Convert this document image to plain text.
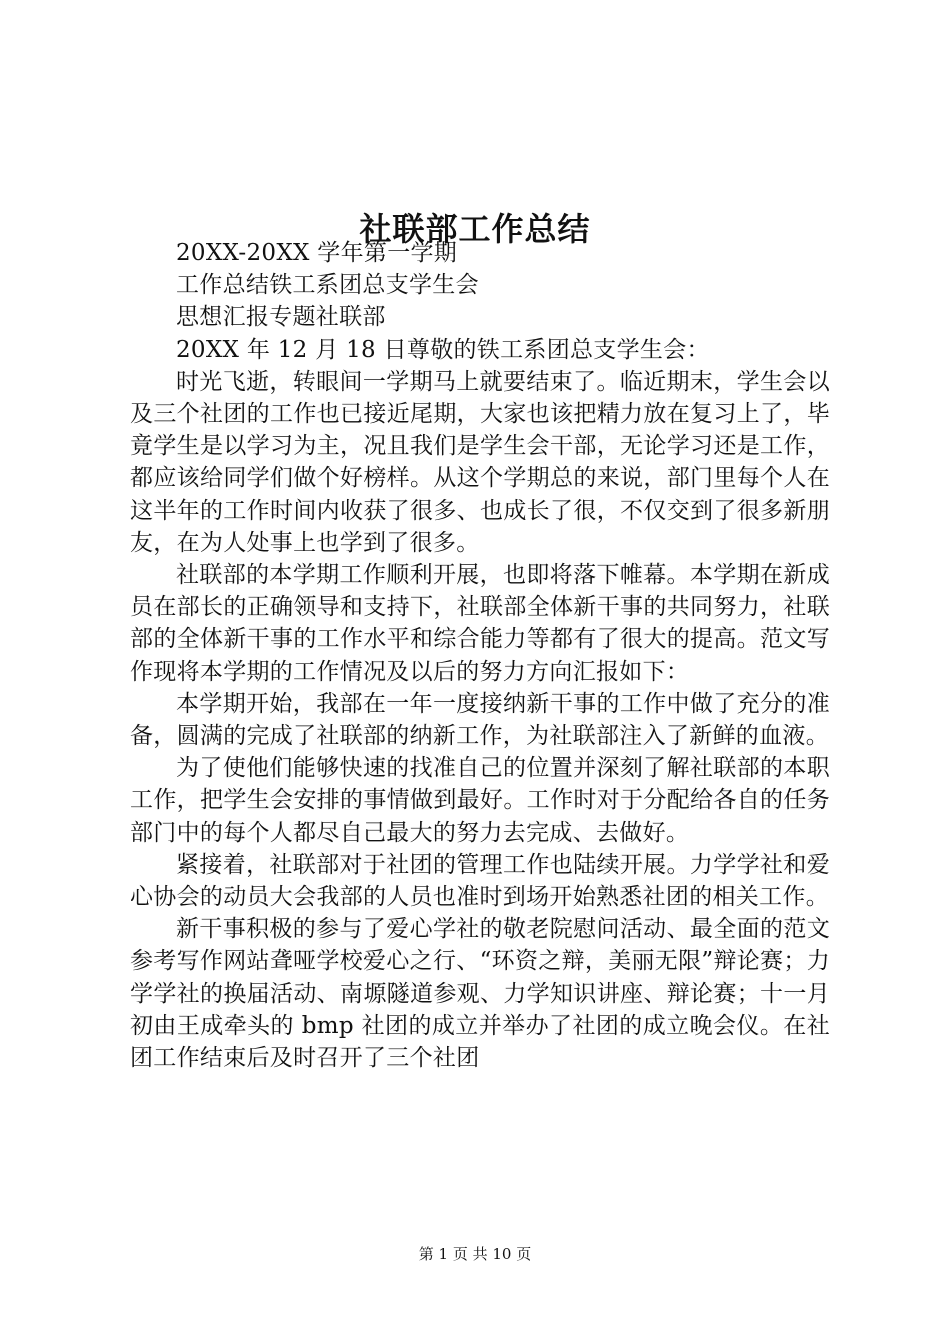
社联部工作总结

20XX-20XX 学年第一学期

工作总结铁工系团总支学生会

思想汇报专题社联部

20XX 年 12 月 18 日尊敬的铁工系团总支学生会：

时光飞逝，转眼间一学期马上就要结束了。临近期末，学生会以及三个社团的工作也已接近尾期，大家也该把精力放在复习上了，毕竟学生是以学习为主，况且我们是学生会干部，无论学习还是工作，都应该给同学们做个好榜样。从这个学期总的来说，部门里每个人在这半年的工作时间内收获了很多、也成长了很，不仅交到了很多新朋友，在为人处事上也学到了很多。

社联部的本学期工作顺利开展，也即将落下帷幕。本学期在新成员在部长的正确领导和支持下，社联部全体新干事的共同努力，社联部的全体新干事的工作水平和综合能力等都有了很大的提高。范文写作现将本学期的工作情况及以后的努力方向汇报如下：

本学期开始，我部在一年一度接纳新干事的工作中做了充分的准备，圆满的完成了社联部的纳新工作，为社联部注入了新鲜的血液。

为了使他们能够快速的找准自己的位置并深刻了解社联部的本职工作，把学生会安排的事情做到最好。工作时对于分配给各自的任务部门中的每个人都尽自己最大的努力去完成、去做好。

紧接着，社联部对于社团的管理工作也陆续开展。力学学社和爱心协会的动员大会我部的人员也准时到场开始熟悉社团的相关工作。

新干事积极的参与了爱心学社的敬老院慰问活动、最全面的范文参考写作网站聋哑学校爱心之行、“环资之辩，美丽无限”辩论赛；力学学社的换届活动、南塬隧道参观、力学知识讲座、辩论赛；十一月初由王成牵头的 bmp 社团的成立并举办了社团的成立晚会仪。在社团工作结束后及时召开了三个社团

第 1 页 共 10 页
